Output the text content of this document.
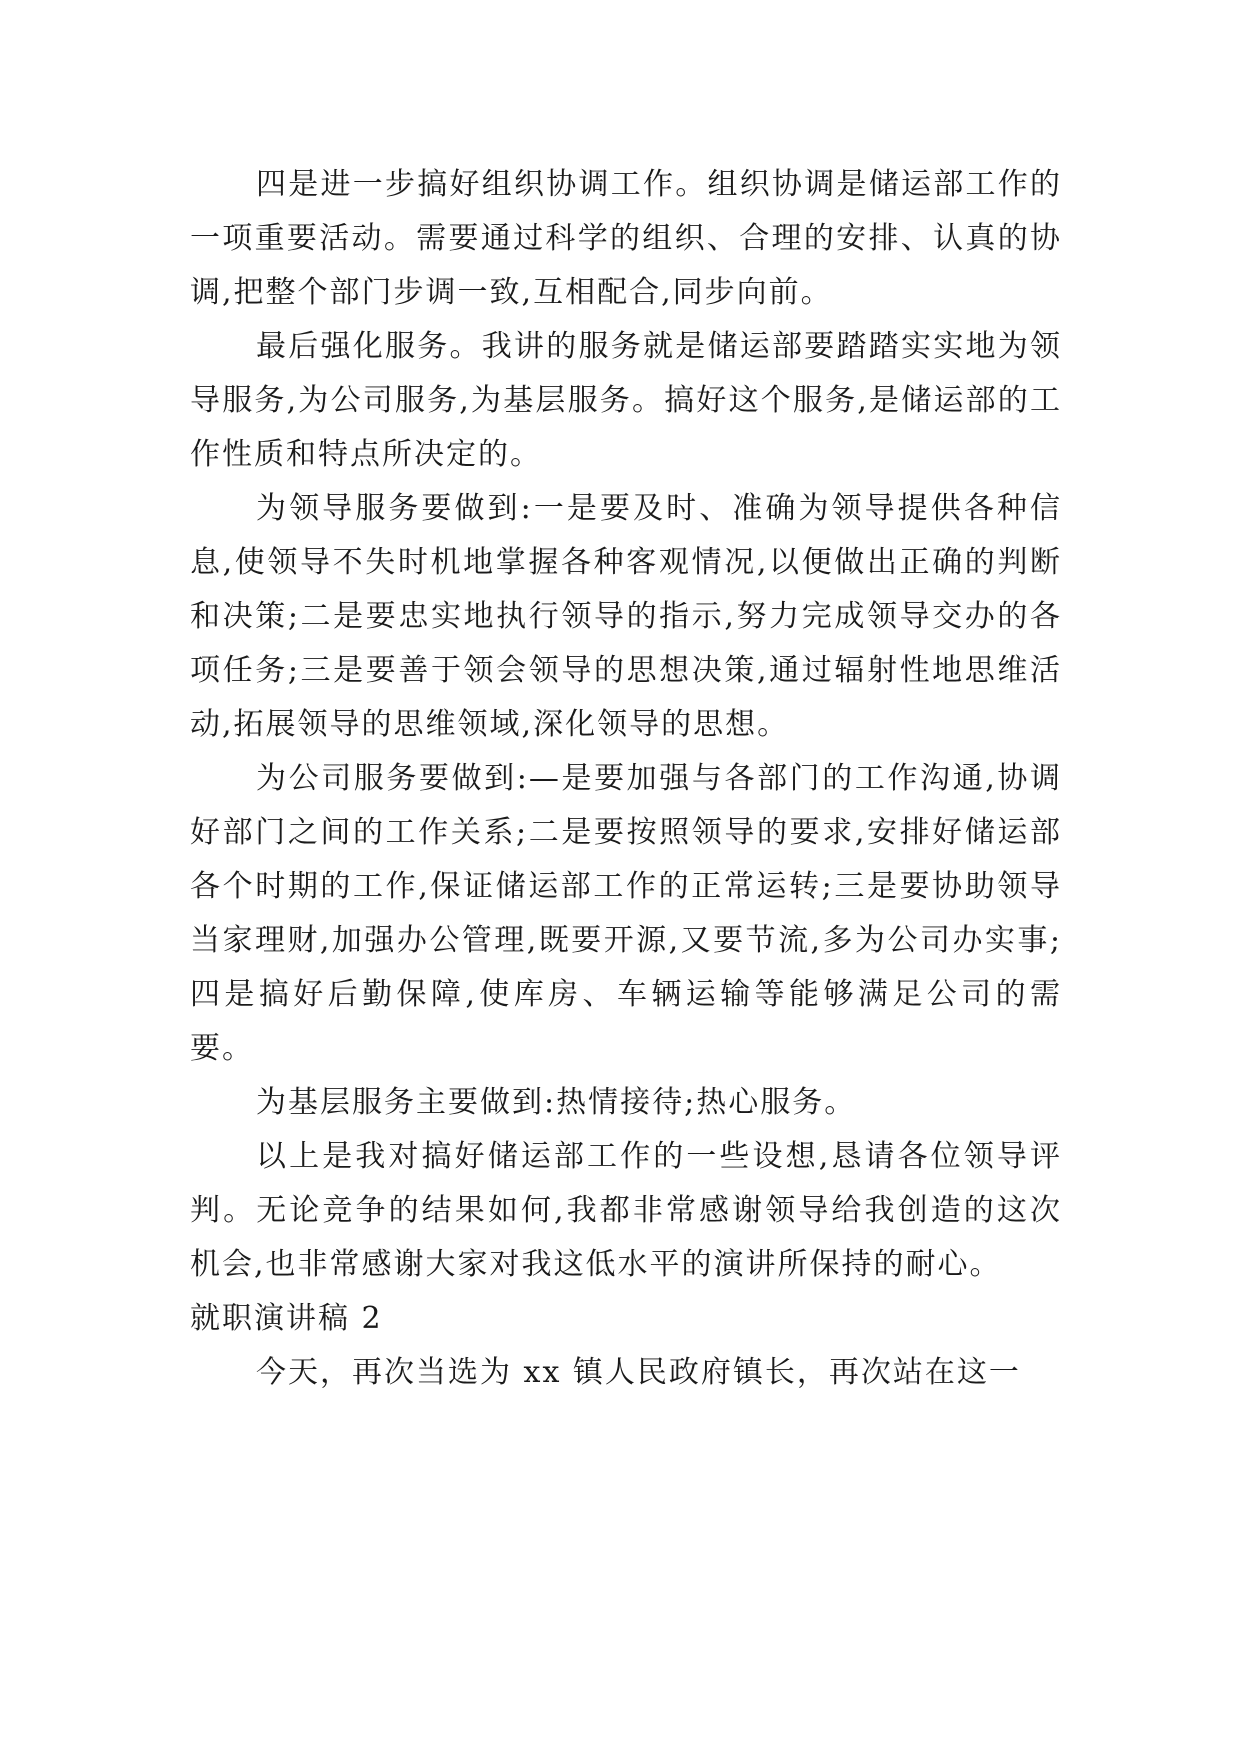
四是进一步搞好组织协调工作。组织协调是储运部工作的一项重要活动。需要通过科学的组织、合理的安排、认真的协调,把整个部门步调一致,互相配合,同步向前。

最后强化服务。我讲的服务就是储运部要踏踏实实地为领导服务,为公司服务,为基层服务。搞好这个服务,是储运部的工作性质和特点所决定的。

为领导服务要做到:一是要及时、准确为领导提供各种信息,使领导不失时机地掌握各种客观情况,以便做出正确的判断和决策;二是要忠实地执行领导的指示,努力完成领导交办的各项任务;三是要善于领会领导的思想决策,通过辐射性地思维活动,拓展领导的思维领域,深化领导的思想。

为公司服务要做到:—是要加强与各部门的工作沟通,协调好部门之间的工作关系;二是要按照领导的要求,安排好储运部各个时期的工作,保证储运部工作的正常运转;三是要协助领导当家理财,加强办公管理,既要开源,又要节流,多为公司办实事;四是搞好后勤保障,使库房、车辆运输等能够满足公司的需要。

为基层服务主要做到:热情接待;热心服务。

以上是我对搞好储运部工作的一些设想,恳请各位领导评判。无论竞争的结果如何,我都非常感谢领导给我创造的这次机会,也非常感谢大家对我这低水平的演讲所保持的耐心。

就职演讲稿 2

今天，再次当选为 xx 镇人民政府镇长，再次站在这一
